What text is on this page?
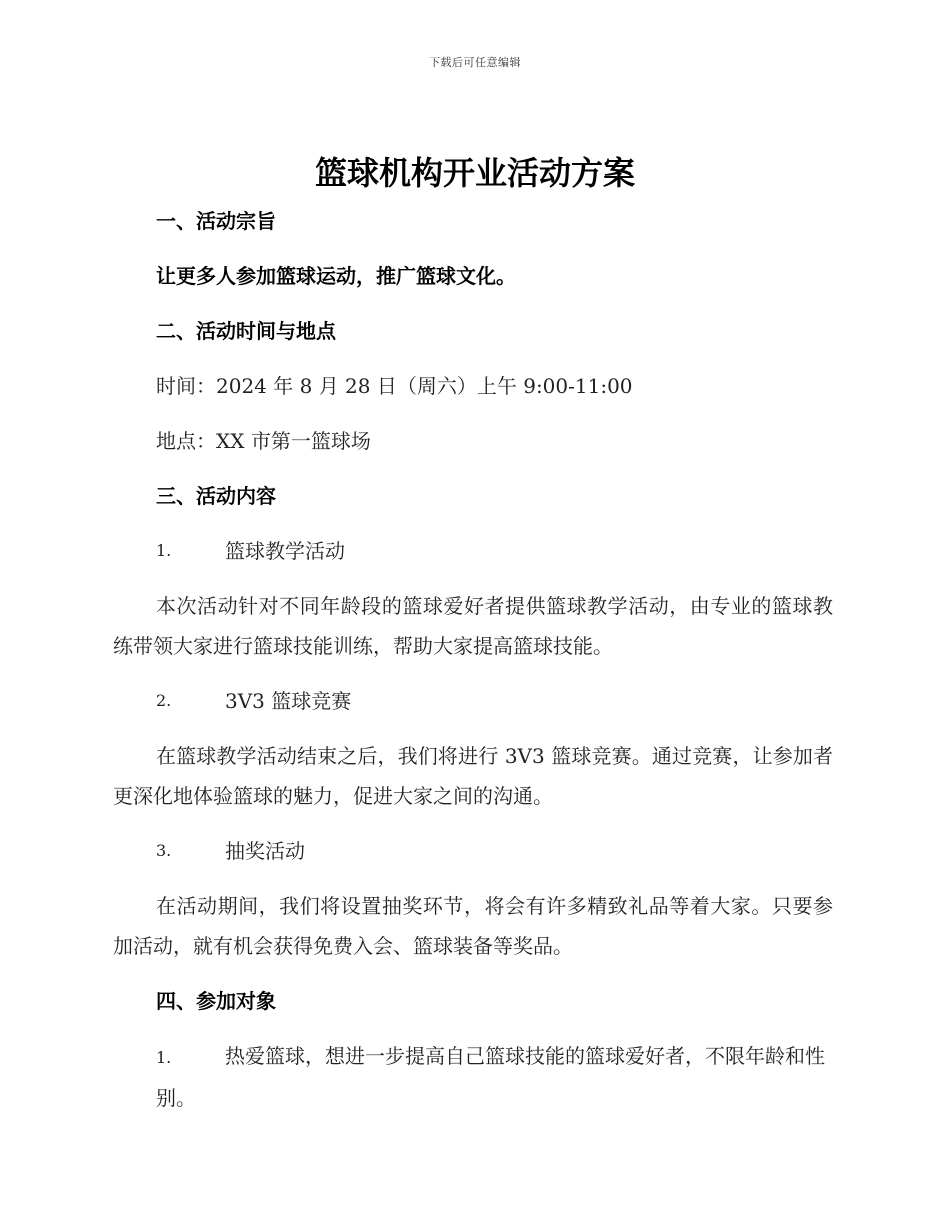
下载后可任意编辑
篮球机构开业活动方案

一、活动宗旨

让更多人参加篮球运动，推广篮球文化。

二、活动时间与地点

时间：2024 年 8 月 28 日（周六）上午 9:00-11:00

地点：XX 市第一篮球场

三、活动内容

1.	篮球教学活动

本次活动针对不同年龄段的篮球爱好者提供篮球教学活动，由专业的篮球教练带领大家进行篮球技能训练，帮助大家提高篮球技能。

2.	3V3 篮球竞赛

在篮球教学活动结束之后，我们将进行 3V3 篮球竞赛。通过竞赛，让参加者更深化地体验篮球的魅力，促进大家之间的沟通。

3.	抽奖活动

在活动期间，我们将设置抽奖环节，将会有许多精致礼品等着大家。只要参加活动，就有机会获得免费入会、篮球装备等奖品。

四、参加对象

1.	热爱篮球，想进一步提高自己篮球技能的篮球爱好者，不限年龄和性别。
